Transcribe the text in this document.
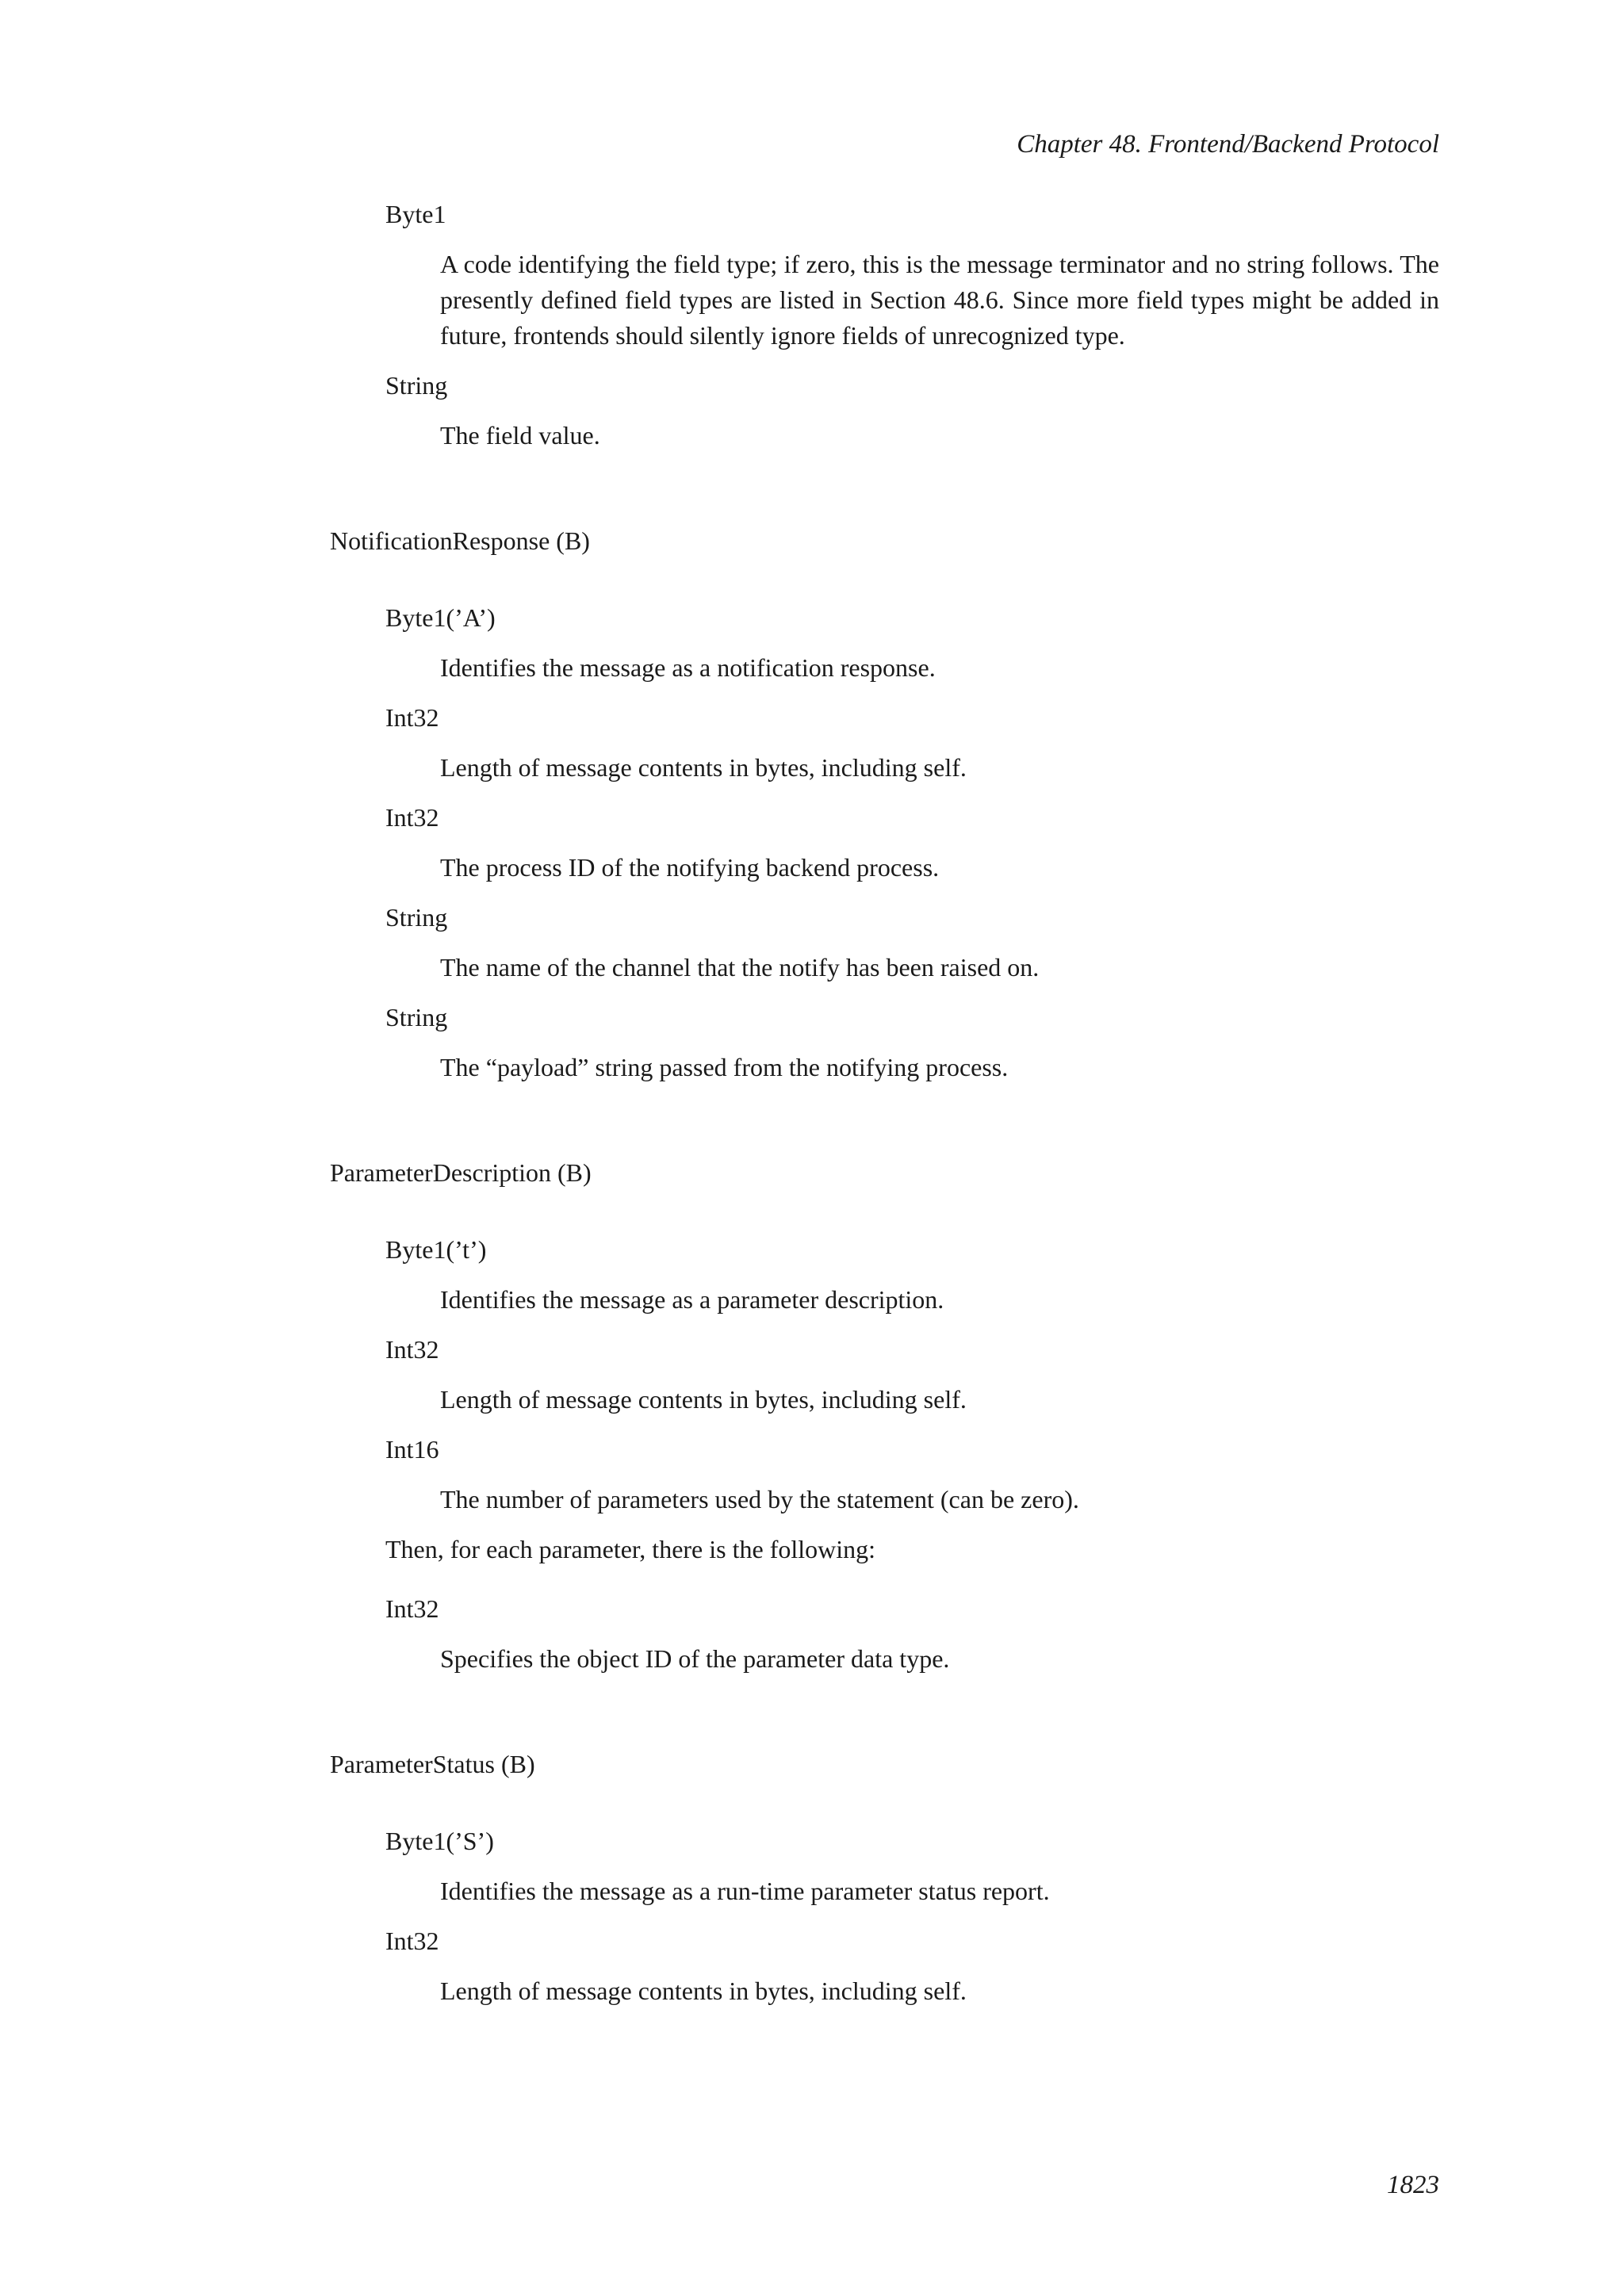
Chapter 48. Frontend/Backend Protocol
Byte1
A code identifying the field type; if zero, this is the message terminator and no string follows. The presently defined field types are listed in Section 48.6. Since more field types might be added in future, frontends should silently ignore fields of unrecognized type.
String
The field value.
NotificationResponse (B)
Byte1(’A’)
Identifies the message as a notification response.
Int32
Length of message contents in bytes, including self.
Int32
The process ID of the notifying backend process.
String
The name of the channel that the notify has been raised on.
String
The “payload” string passed from the notifying process.
ParameterDescription (B)
Byte1(’t’)
Identifies the message as a parameter description.
Int32
Length of message contents in bytes, including self.
Int16
The number of parameters used by the statement (can be zero).
Then, for each parameter, there is the following:
Int32
Specifies the object ID of the parameter data type.
ParameterStatus (B)
Byte1(’S’)
Identifies the message as a run-time parameter status report.
Int32
Length of message contents in bytes, including self.
1823
